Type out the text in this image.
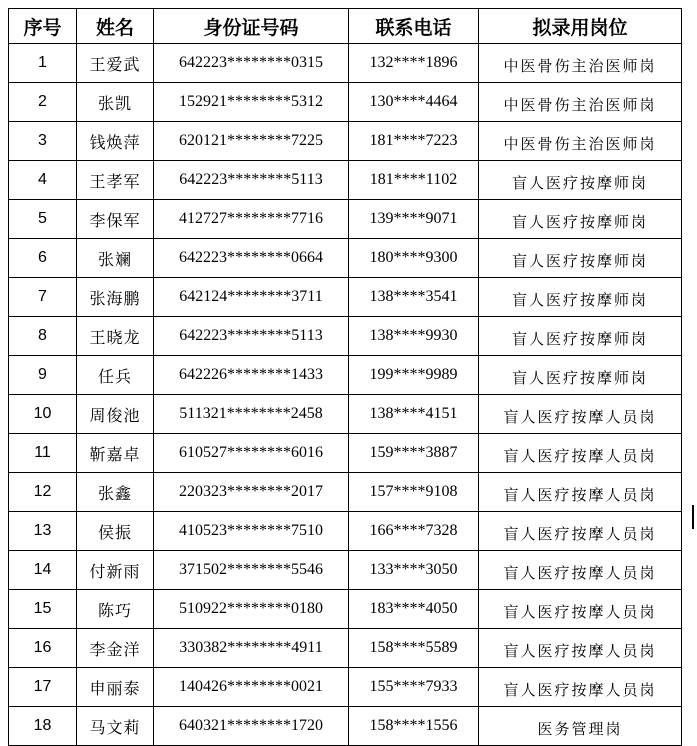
序号	姓名	身份证号码	联系电话	拟录用岗位
1	王爱武	642223********0315	132****1896	中医骨伤主治医师岗
2	张凯	152921********5312	130****4464	中医骨伤主治医师岗
3	钱焕萍	620121********7225	181****7223	中医骨伤主治医师岗
4	王孝军	642223********5113	181****1102	盲人医疗按摩师岗
5	李保军	412727********7716	139****9071	盲人医疗按摩师岗
6	张斓	642223********0664	180****9300	盲人医疗按摩师岗
7	张海鹏	642124********3711	138****3541	盲人医疗按摩师岗
8	王晓龙	642223********5113	138****9930	盲人医疗按摩师岗
9	任兵	642226********1433	199****9989	盲人医疗按摩师岗
10	周俊池	511321********2458	138****4151	盲人医疗按摩人员岗
11	靳嘉卓	610527********6016	159****3887	盲人医疗按摩人员岗
12	张鑫	220323********2017	157****9108	盲人医疗按摩人员岗
13	侯振	410523********7510	166****7328	盲人医疗按摩人员岗
14	付新雨	371502********5546	133****3050	盲人医疗按摩人员岗
15	陈巧	510922********0180	183****4050	盲人医疗按摩人员岗
16	李金洋	330382********4911	158****5589	盲人医疗按摩人员岗
17	申丽泰	140426********0021	155****7933	盲人医疗按摩人员岗
18	马文莉	640321********1720	158****1556	医务管理岗
